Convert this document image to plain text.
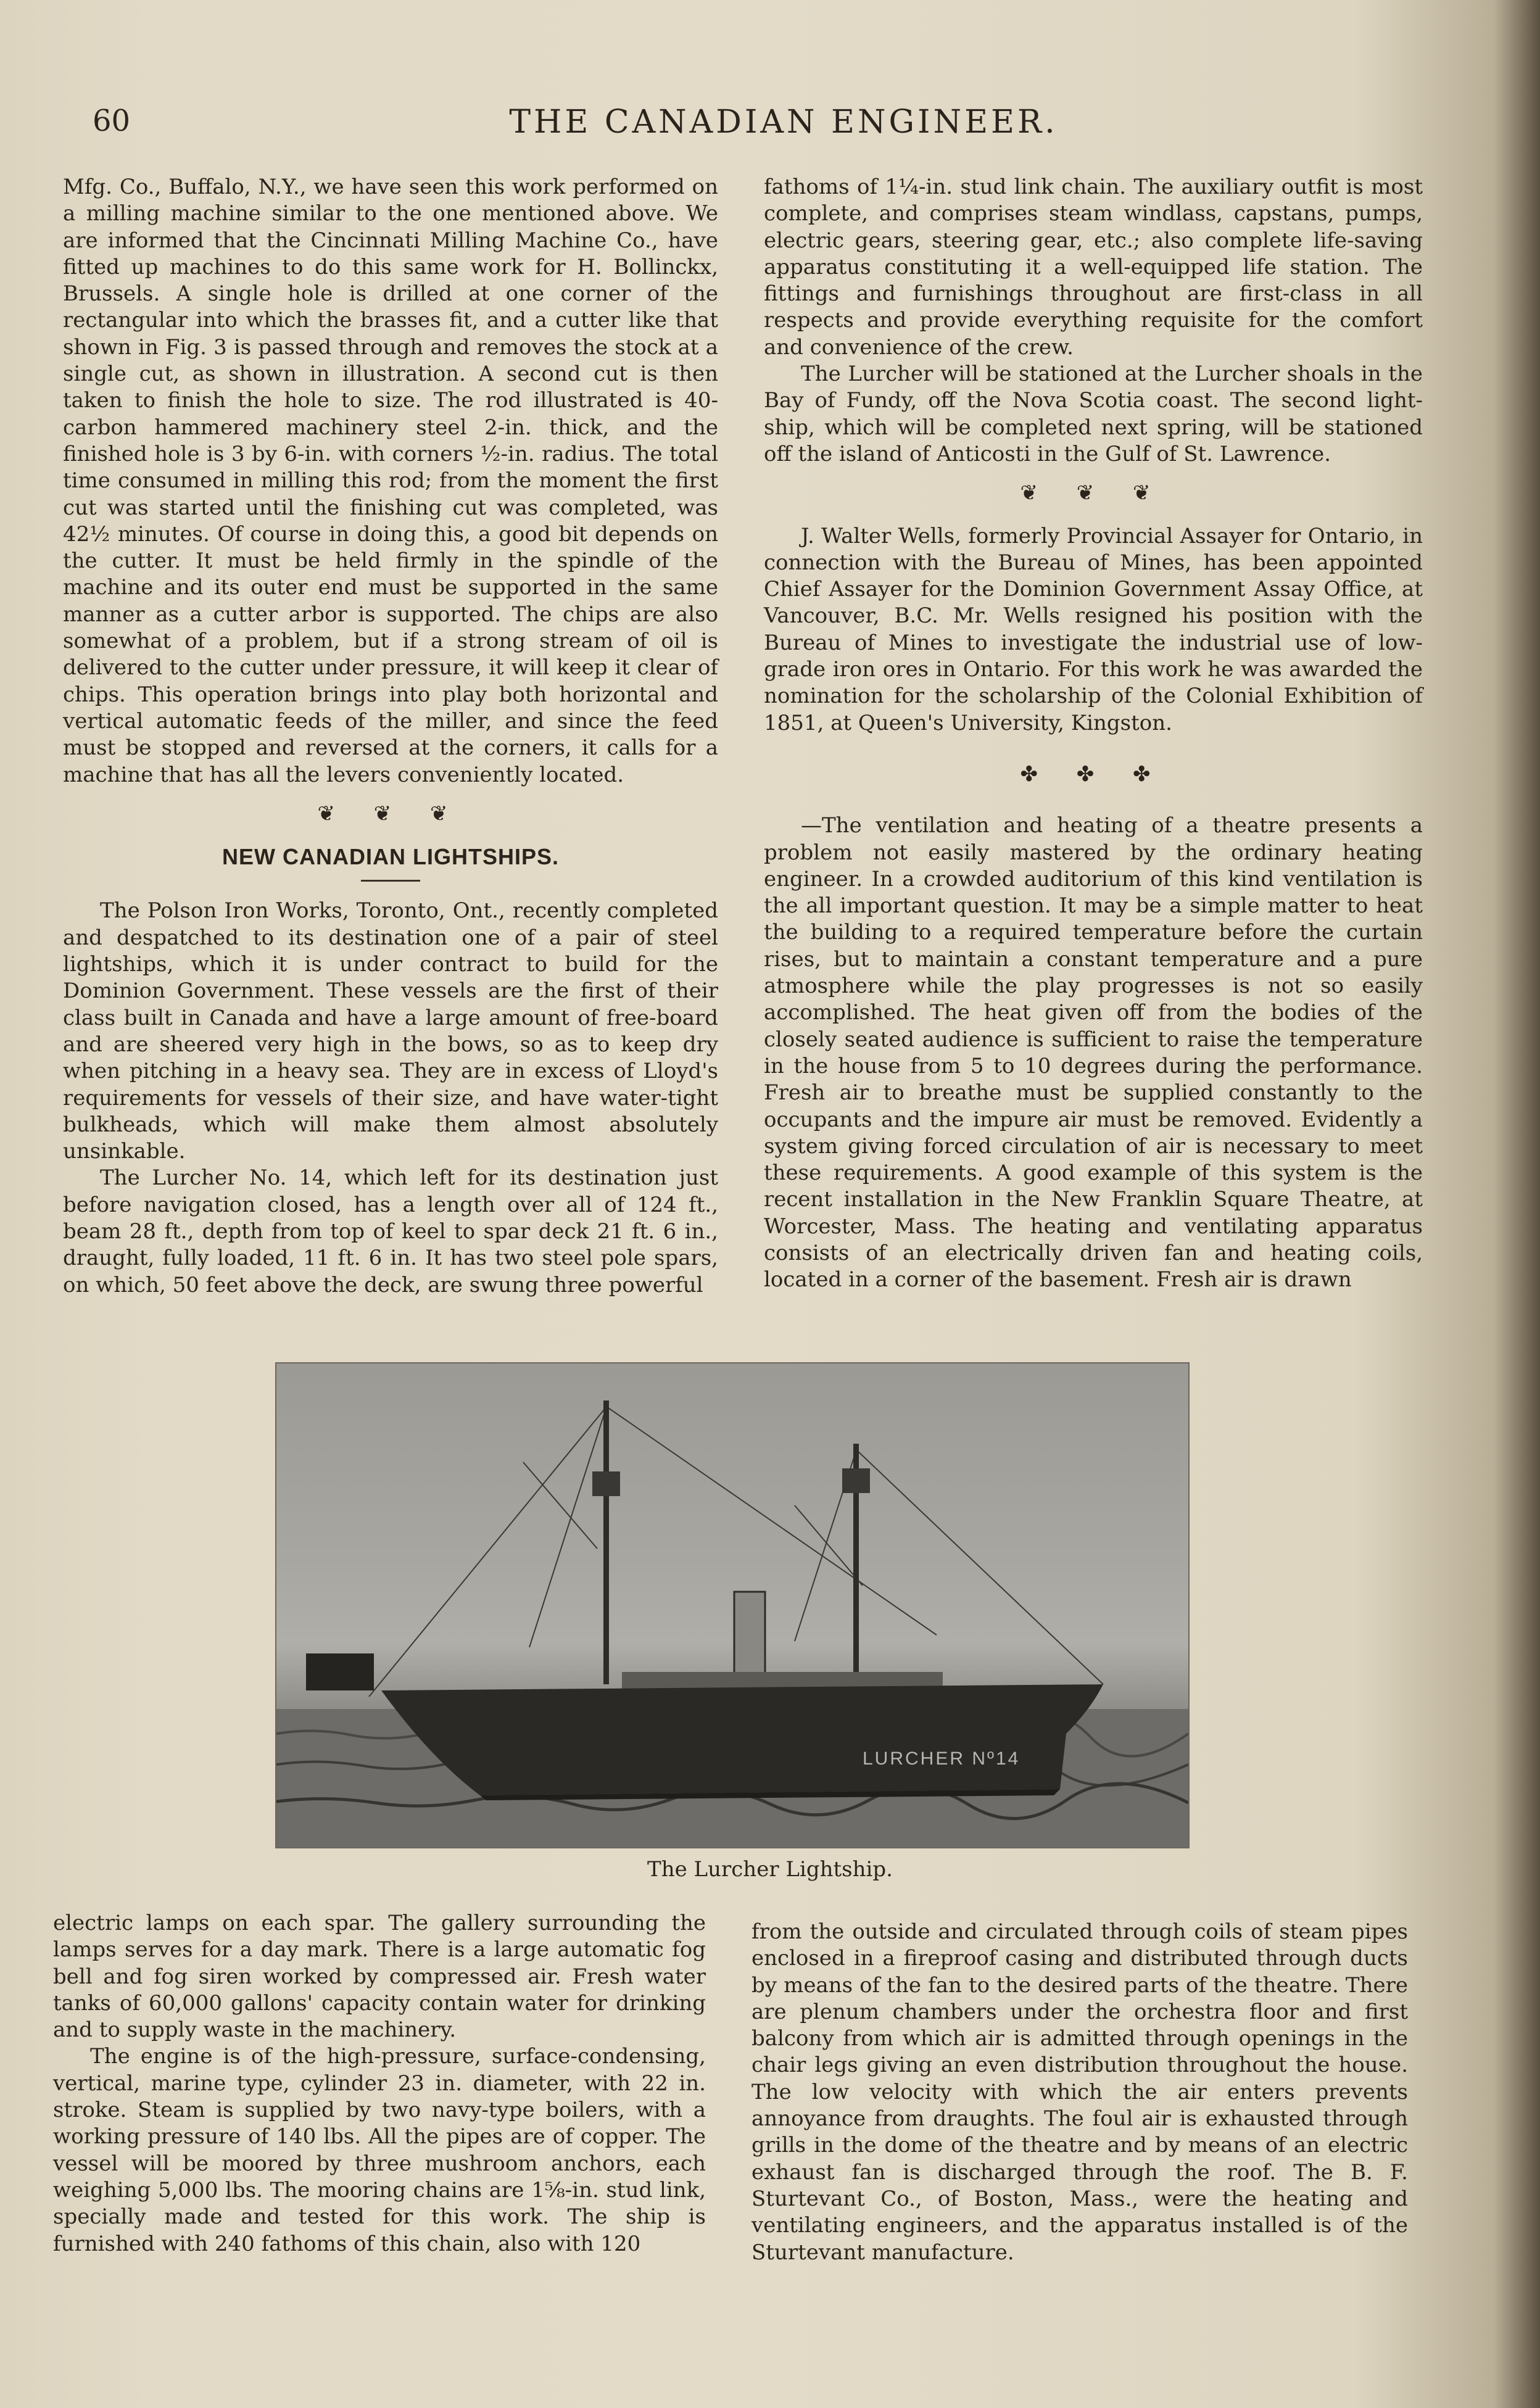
60	THE CANADIAN ENGINEER.

Mfg. Co., Buffalo, N.Y., we have seen this work performed on a milling machine similar to the one mentioned above. We are informed that the Cincinnati Milling Machine Co., have fitted up machines to do this same work for H. Bollinckx, Brussels. A single hole is drilled at one corner of the rectangular into which the brasses fit, and a cutter like that shown in Fig. 3 is passed through and removes the stock at a single cut, as shown in illustration. A second cut is then taken to finish the hole to size. The rod illustrated is 40-carbon hammered machinery steel 2-in. thick, and the finished hole is 3 by 6-in. with corners ½-in. radius. The total time consumed in milling this rod; from the moment the first cut was started until the finishing cut was completed, was 42½ minutes. Of course in doing this, a good bit depends on the cutter. It must be held firmly in the spindle of the machine and its outer end must be supported in the same manner as a cutter arbor is supported. The chips are also somewhat of a problem, but if a strong stream of oil is delivered to the cutter under pressure, it will keep it clear of chips. This operation brings into play both horizontal and vertical automatic feeds of the miller, and since the feed must be stopped and reversed at the corners, it calls for a machine that has all the levers conveniently located.

❦ ❦ ❦
NEW CANADIAN LIGHTSHIPS.

The Polson Iron Works, Toronto, Ont., recently completed and despatched to its destination one of a pair of steel lightships, which it is under contract to build for the Dominion Government. These vessels are the first of their class built in Canada and have a large amount of free-board and are sheered very high in the bows, so as to keep dry when pitching in a heavy sea. They are in excess of Lloyd's requirements for vessels of their size, and have water-tight bulkheads, which will make them almost absolutely unsinkable.

The Lurcher No. 14, which left for its destination just before navigation closed, has a length over all of 124 ft., beam 28 ft., depth from top of keel to spar deck 21 ft. 6 in., draught, fully loaded, 11 ft. 6 in. It has two steel pole spars, on which, 50 feet above the deck, are swung three powerful

fathoms of 1¼-in. stud link chain. The auxiliary outfit is most complete, and comprises steam windlass, capstans, pumps, electric gears, steering gear, etc.; also complete life-saving apparatus constituting it a well-equipped life station. The fittings and furnishings throughout are first-class in all respects and provide everything requisite for the comfort and convenience of the crew.

The Lurcher will be stationed at the Lurcher shoals in the Bay of Fundy, off the Nova Scotia coast. The second light-ship, which will be completed next spring, will be stationed off the island of Anticosti in the Gulf of St. Lawrence.

❦ ❦ ❦

J. Walter Wells, formerly Provincial Assayer for Ontario, in connection with the Bureau of Mines, has been appointed Chief Assayer for the Dominion Government Assay Office, at Vancouver, B.C. Mr. Wells resigned his position with the Bureau of Mines to investigate the industrial use of low-grade iron ores in Ontario. For this work he was awarded the nomination for the scholarship of the Colonial Exhibition of 1851, at Queen's University, Kingston.

✤ ✤ ✤

—The ventilation and heating of a theatre presents a problem not easily mastered by the ordinary heating engineer. In a crowded auditorium of this kind ventilation is the all important question. It may be a simple matter to heat the building to a required temperature before the curtain rises, but to maintain a constant temperature and a pure atmosphere while the play progresses is not so easily accomplished. The heat given off from the bodies of the closely seated audience is sufficient to raise the temperature in the house from 5 to 10 degrees during the performance. Fresh air to breathe must be supplied constantly to the occupants and the impure air must be removed. Evidently a system giving forced circulation of air is necessary to meet these requirements. A good example of this system is the recent installation in the New Franklin Square Theatre, at Worcester, Mass. The heating and ventilating apparatus consists of an electrically driven fan and heating coils, located in a corner of the basement. Fresh air is drawn

LURCHER Nº14
The Lurcher Lightship.

electric lamps on each spar. The gallery surrounding the lamps serves for a day mark. There is a large automatic fog bell and fog siren worked by compressed air. Fresh water tanks of 60,000 gallons' capacity contain water for drinking and to supply waste in the machinery.

The engine is of the high-pressure, surface-condensing, vertical, marine type, cylinder 23 in. diameter, with 22 in. stroke. Steam is supplied by two navy-type boilers, with a working pressure of 140 lbs. All the pipes are of copper. The vessel will be moored by three mushroom anchors, each weighing 5,000 lbs. The mooring chains are 1⅝-in. stud link, specially made and tested for this work. The ship is furnished with 240 fathoms of this chain, also with 120

from the outside and circulated through coils of steam pipes enclosed in a fireproof casing and distributed through ducts by means of the fan to the desired parts of the theatre. There are plenum chambers under the orchestra floor and first balcony from which air is admitted through openings in the chair legs giving an even distribution throughout the house. The low velocity with which the air enters prevents annoyance from draughts. The foul air is exhausted through grills in the dome of the theatre and by means of an electric exhaust fan is discharged through the roof. The B. F. Sturtevant Co., of Boston, Mass., were the heating and ventilating engineers, and the apparatus installed is of the Sturtevant manufacture.
